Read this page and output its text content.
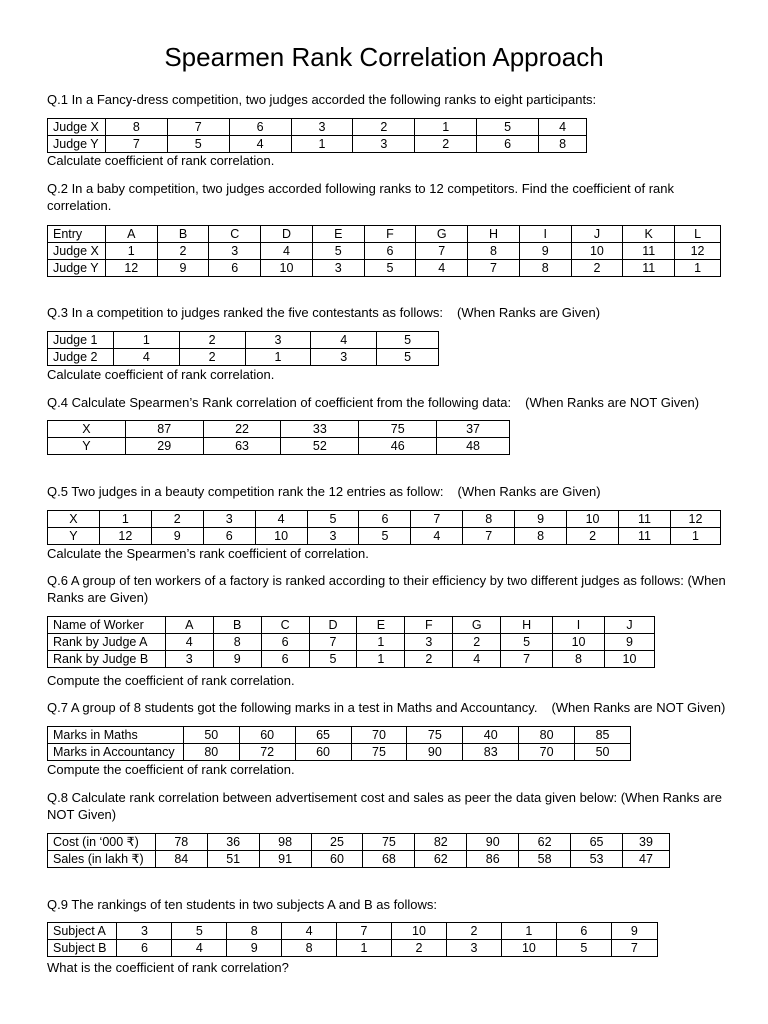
Spearmen Rank Correlation Approach
Q.1 In a Fancy-dress competition, two judges accorded the following ranks to eight participants:
Judge X	8	7	6	3	2	1	5	4
Judge Y	7	5	4	1	3	2	6	8
Calculate coefficient of rank correlation.
Q.2 In a baby competition, two judges accorded following ranks to 12 competitors. Find the coefficient of rank correlation.
Entry	A	B	C	D	E	F	G	H	I	J	K	L
Judge X	1	2	3	4	5	6	7	8	9	10	11	12
Judge Y	12	9	6	10	3	5	4	7	8	2	11	1
Q.3 In a competition to judges ranked the five contestants as follows: (When Ranks are Given)
Judge 1	1	2	3	4	5
Judge 2	4	2	1	3	5
Calculate coefficient of rank correlation.
Q.4 Calculate Spearmen’s Rank correlation of coefficient from the following data: (When Ranks are NOT Given)
X	87	22	33	75	37
Y	29	63	52	46	48
Q.5 Two judges in a beauty competition rank the 12 entries as follow: (When Ranks are Given)
X	1	2	3	4	5	6	7	8	9	10	11	12
Y	12	9	6	10	3	5	4	7	8	2	11	1
Calculate the Spearmen’s rank coefficient of correlation.
Q.6 A group of ten workers of a factory is ranked according to their efficiency by two different judges as follows: (When Ranks are Given)
Name of Worker	A	B	C	D	E	F	G	H	I	J
Rank by Judge A	4	8	6	7	1	3	2	5	10	9
Rank by Judge B	3	9	6	5	1	2	4	7	8	10
Compute the coefficient of rank correlation.
Q.7 A group of 8 students got the following marks in a test in Maths and Accountancy. (When Ranks are NOT Given)
Marks in Maths	50	60	65	70	75	40	80	85
Marks in Accountancy	80	72	60	75	90	83	70	50
Compute the coefficient of rank correlation.
Q.8 Calculate rank correlation between advertisement cost and sales as peer the data given below: (When Ranks are NOT Given)
Cost (in ‘000 ₹)	78	36	98	25	75	82	90	62	65	39
Sales (in lakh ₹)	84	51	91	60	68	62	86	58	53	47
Q.9 The rankings of ten students in two subjects A and B as follows:
Subject A	3	5	8	4	7	10	2	1	6	9
Subject B	6	4	9	8	1	2	3	10	5	7
What is the coefficient of rank correlation?
